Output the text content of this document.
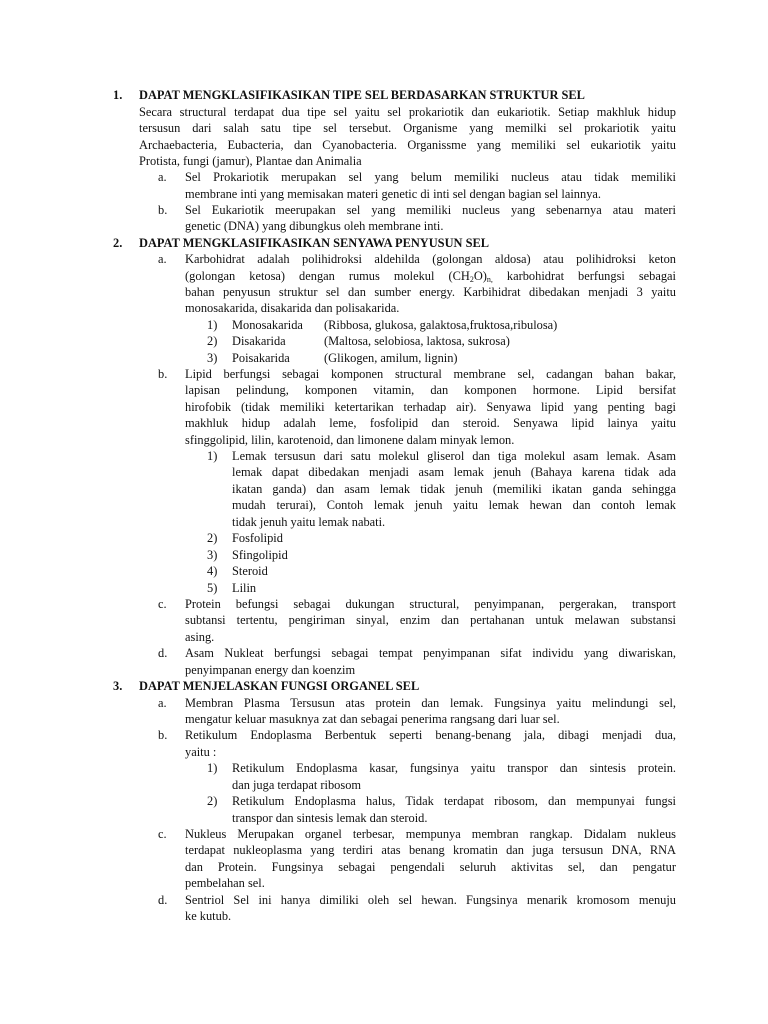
1.	DAPAT MENGKLASIFIKASIKAN TIPE SEL BERDASARKAN STRUKTUR SEL
Secara structural terdapat dua tipe sel yaitu sel prokariotik dan eukariotik. Setiap makhluk hidup
tersusun dari salah satu tipe sel tersebut. Organisme yang memilki sel prokariotik yaitu
Archaebacteria, Eubacteria, dan Cyanobacteria. Organissme yang memiliki sel eukariotik yaitu
Protista, fungi (jamur), Plantae dan Animalia
a.	Sel Prokariotik merupakan sel yang belum memiliki nucleus atau tidak memiliki
membrane inti yang memisakan materi genetic di inti sel dengan bagian sel lainnya.
b.	Sel Eukariotik meerupakan sel yang memiliki nucleus yang sebenarnya atau materi
genetic (DNA) yang dibungkus oleh membrane inti.
2.	DAPAT MENGKLASIFIKASIKAN SENYAWA PENYUSUN SEL
a.	Karbohidrat adalah polihidroksi aldehilda (golongan aldosa) atau polihidroksi keton
(golongan ketosa) dengan rumus molekul $(CH_2O)_{n,}$ karbohidrat berfungsi sebagai
bahan penyusun struktur sel dan sumber energy. Karbihidrat dibedakan menjadi 3 yaitu
monosakarida, disakarida dan polisakarida.
1)	Monosakarida (Ribbosa, glukosa, galaktosa,fruktosa,ribulosa)
2)	Disakarida	(Maltosa, selobiosa, laktosa, sukrosa)
3)	Poisakarida	(Glikogen, amilum, lignin)
b.	Lipid berfungsi sebagai komponen structural membrane sel, cadangan bahan bakar,
lapisan pelindung, komponen vitamin, dan komponen hormone. Lipid bersifat
hirofobik (tidak memiliki ketertarikan terhadap air). Senyawa lipid yang penting bagi
makhluk hidup adalah leme, fosfolipid dan steroid. Senyawa lipid lainya yaitu
sfinggolipid, lilin, karotenoid, dan limonene dalam minyak lemon.
1)	Lemak tersusun dari satu molekul gliserol dan tiga molekul asam lemak. Asam
lemak dapat dibedakan menjadi asam lemak jenuh (Bahaya karena tidak ada
ikatan ganda) dan asam lemak tidak jenuh (memiliki ikatan ganda sehingga
mudah terurai), Contoh lemak jenuh yaitu lemak hewan dan contoh lemak
tidak jenuh yaitu lemak nabati.
2)	Fosfolipid
3)	Sfingolipid
4)	Steroid
5)	Lilin
c.	Protein befungsi sebagai dukungan structural, penyimpanan, pergerakan, transport
subtansi tertentu, pengiriman sinyal, enzim dan pertahanan untuk melawan substansi
asing.
d.	Asam Nukleat berfungsi sebagai tempat penyimpanan sifat individu yang diwariskan,
penyimpanan energy dan koenzim
3.	DAPAT MENJELASKAN FUNGSI ORGANEL SEL
a.	Membran Plasma Tersusun atas protein dan lemak. Fungsinya yaitu melindungi sel,
mengatur keluar masuknya zat dan sebagai penerima rangsang dari luar sel.
b.	Retikulum Endoplasma Berbentuk seperti benang-benang jala, dibagi menjadi dua,
yaitu :
1)	Retikulum Endoplasma kasar, fungsinya yaitu transpor dan sintesis protein.
dan juga terdapat ribosom
2)	Retikulum Endoplasma halus, Tidak terdapat ribosom, dan mempunyai fungsi
transpor dan sintesis lemak dan steroid.
c.	Nukleus Merupakan organel terbesar, mempunya membran rangkap. Didalam nukleus
terdapat nukleoplasma yang terdiri atas benang kromatin dan juga tersusun DNA, RNA
dan Protein. Fungsinya sebagai pengendali seluruh aktivitas sel, dan pengatur
pembelahan sel.
d.	Sentriol Sel ini hanya dimiliki oleh sel hewan. Fungsinya menarik kromosom menuju
ke kutub.
